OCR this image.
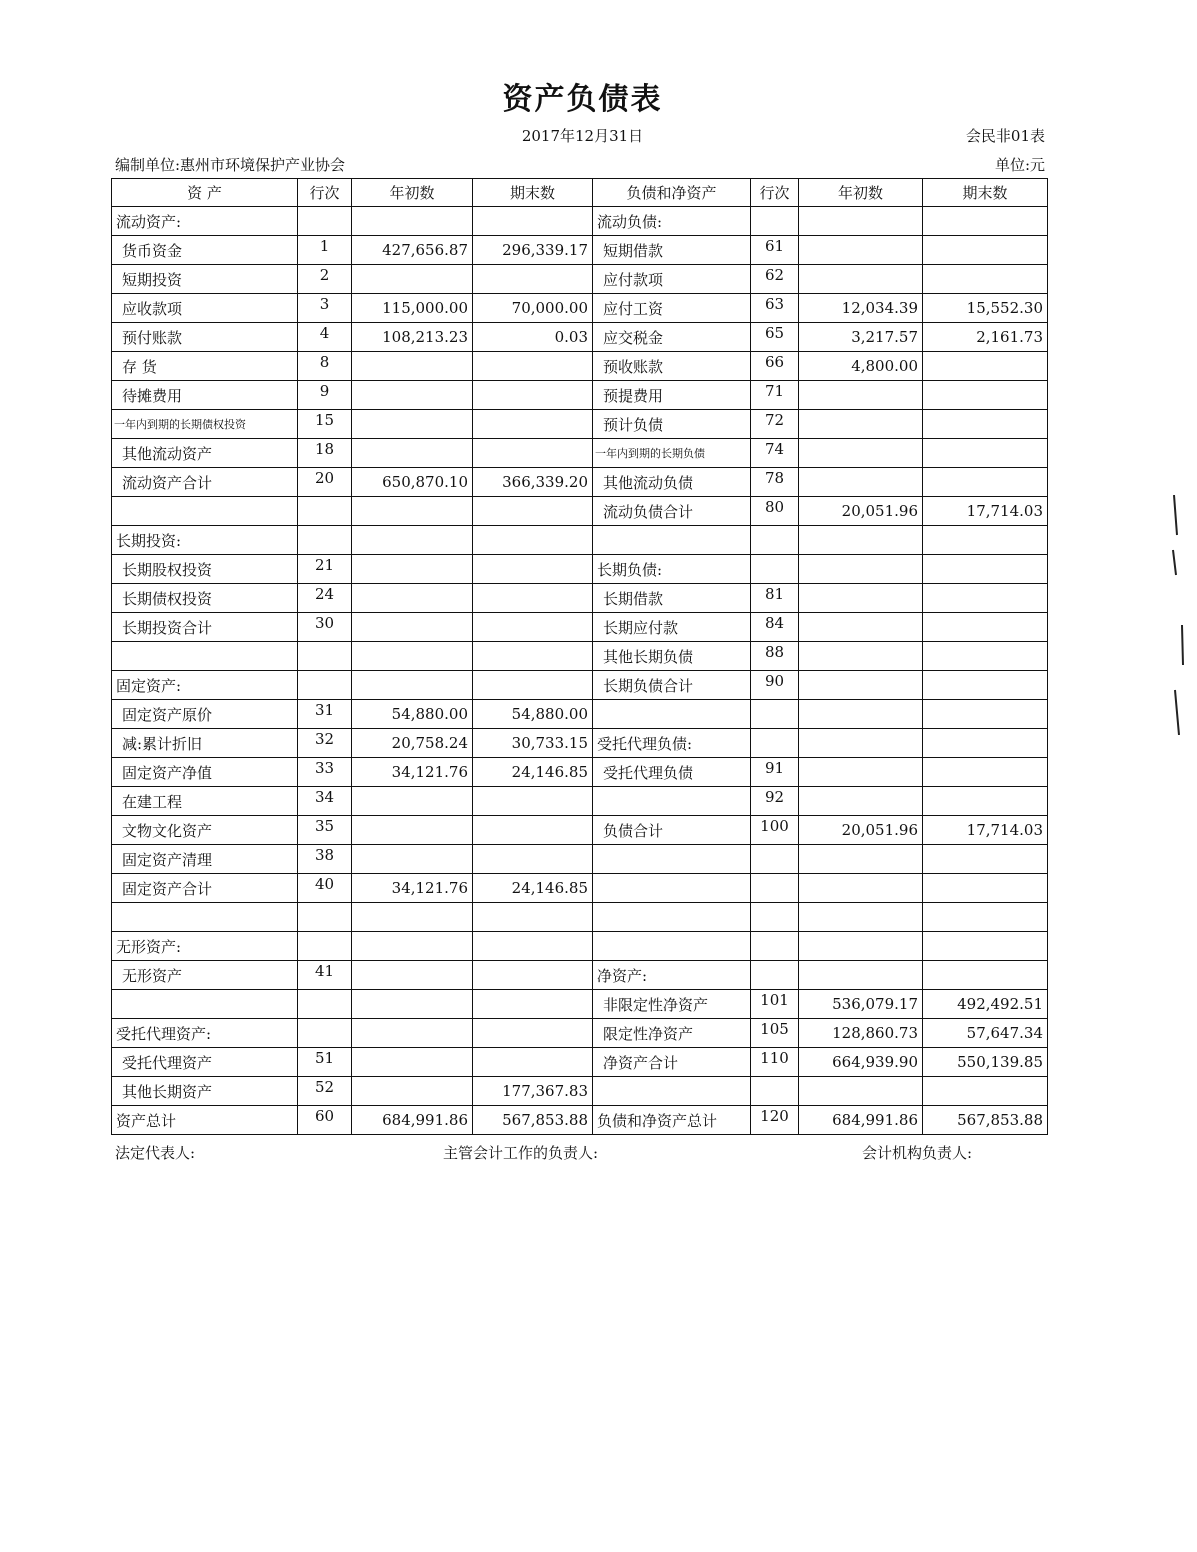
资产负债表
2017年12月31日	会民非01表
编制单位:惠州市环境保护产业协会	单位:元
资 产	行次	年初数	期末数	负债和净资产	行次	年初数	期末数
流动资产:				流动负债:			
货币资金	1	427,656.87	296,339.17	短期借款	61		
短期投资	2			应付款项	62		
应收款项	3	115,000.00	70,000.00	应付工资	63	12,034.39	15,552.30
预付账款	4	108,213.23	0.03	应交税金	65	3,217.57	2,161.73
存 货	8			预收账款	66	4,800.00	
待摊费用	9			预提费用	71		
一年内到期的长期债权投资	15			预计负债	72		
其他流动资产	18			一年内到期的长期负债	74		
流动资产合计	20	650,870.10	366,339.20	其他流动负债	78		
				流动负债合计	80	20,051.96	17,714.03
长期投资:							
长期股权投资	21			长期负债:			
长期债权投资	24			长期借款	81		
长期投资合计	30			长期应付款	84		
				其他长期负债	88		
固定资产:				长期负债合计	90		
固定资产原价	31	54,880.00	54,880.00				
减:累计折旧	32	20,758.24	30,733.15	受托代理负债:			
固定资产净值	33	34,121.76	24,146.85	受托代理负债	91		
在建工程	34				92		
文物文化资产	35			负债合计	100	20,051.96	17,714.03
固定资产清理	38						
固定资产合计	40	34,121.76	24,146.85				

无形资产:							
无形资产	41			净资产:			
				非限定性净资产	101	536,079.17	492,492.51
受托代理资产:				限定性净资产	105	128,860.73	57,647.34
受托代理资产	51			净资产合计	110	664,939.90	550,139.85
其他长期资产	52		177,367.83				
资产总计	60	684,991.86	567,853.88	负债和净资产总计	120	684,991.86	567,853.88
法定代表人:	主管会计工作的负责人:	会计机构负责人:
